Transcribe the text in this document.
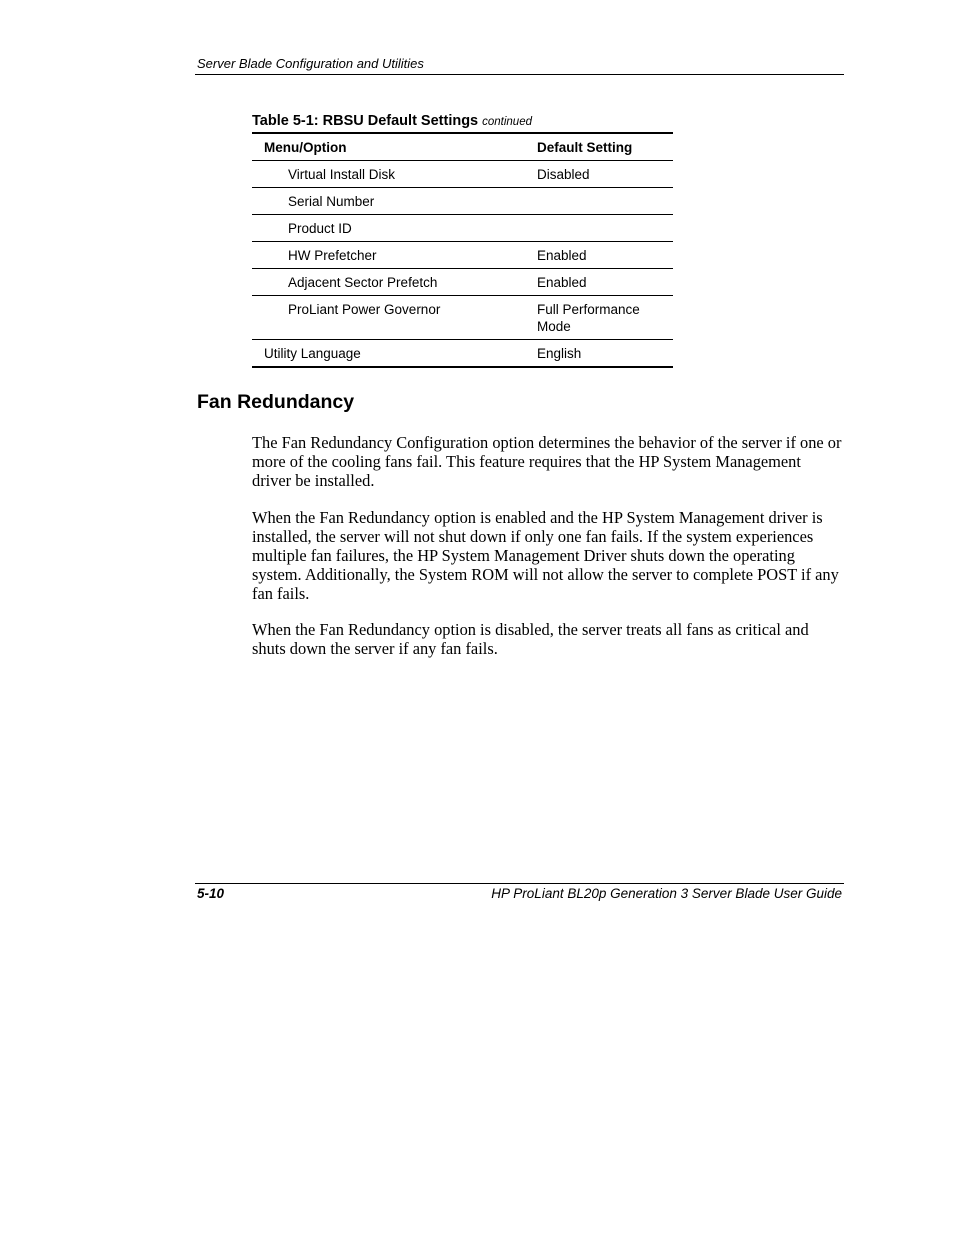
Server Blade Configuration and Utilities
Table 5-1: RBSU Default Settings continued
Menu/Option	Default Setting
Virtual Install Disk	Disabled
Serial Number	
Product ID	
HW Prefetcher	Enabled
Adjacent Sector Prefetch	Enabled
ProLiant Power Governor	Full Performance Mode

Utility Language	English
Fan Redundancy

The Fan Redundancy Configuration option determines the behavior of the server if one or more of the cooling fans fail. This feature requires that the HP System Management driver be installed.

When the Fan Redundancy option is enabled and the HP System Management driver is installed, the server will not shut down if only one fan fails. If the system experiences multiple fan failures, the HP System Management Driver shuts down the operating system. Additionally, the System ROM will not allow the server to complete POST if any fan fails.

When the Fan Redundancy option is disabled, the server treats all fans as critical and shuts down the server if any fan fails.

5-10	HP ProLiant BL20p Generation 3 Server Blade User Guide
